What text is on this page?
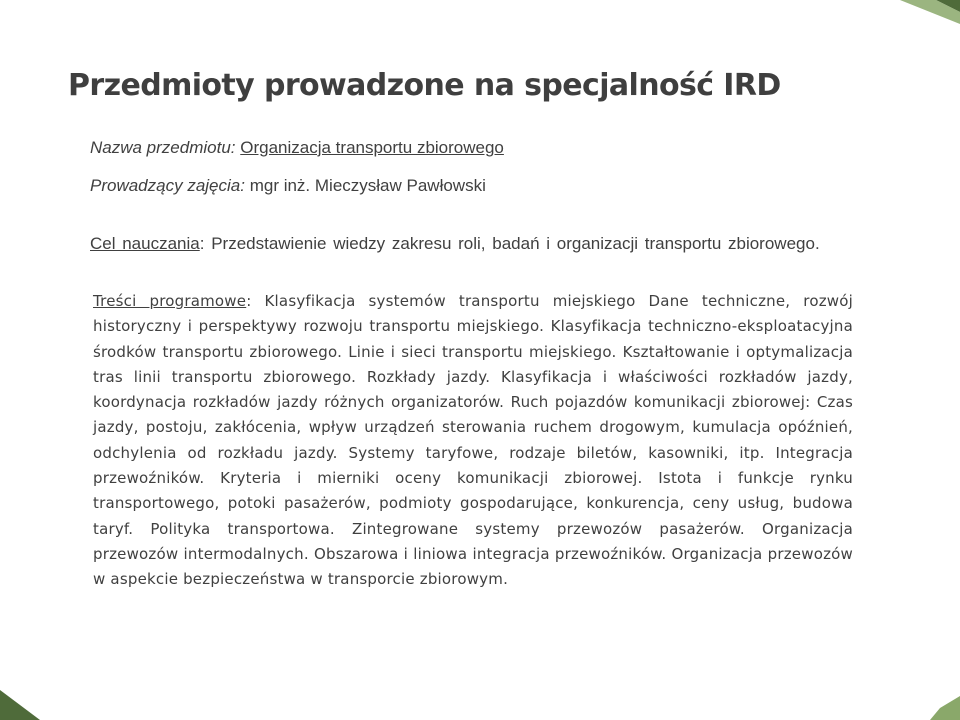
Przedmioty prowadzone na specjalność IRD
Nazwa przedmiotu: Organizacja transportu zbiorowego
Prowadzący zajęcia: mgr inż. Mieczysław Pawłowski

Cel nauczania: Przedstawienie wiedzy zakresu roli, badań i organizacji transportu zbiorowego.

Treści programowe: Klasyfikacja systemów transportu miejskiego Dane techniczne, rozwój historyczny i perspektywy rozwoju transportu miejskiego. Klasyfikacja techniczno-eksploatacyjna środków transportu zbiorowego. Linie i sieci transportu miejskiego. Kształtowanie i optymalizacja tras linii transportu zbiorowego. Rozkłady jazdy. Klasyfikacja i właściwości rozkładów jazdy, koordynacja rozkładów jazdy różnych organizatorów. Ruch pojazdów komunikacji zbiorowej: Czas jazdy, postoju, zakłócenia, wpływ urządzeń sterowania ruchem drogowym, kumulacja opóźnień, odchylenia od rozkładu jazdy. Systemy taryfowe, rodzaje biletów, kasowniki, itp. Integracja przewoźników. Kryteria i mierniki oceny komunikacji zbiorowej. Istota i funkcje rynku transportowego, potoki pasażerów, podmioty gospodarujące, konkurencja, ceny usług, budowa taryf. Polityka transportowa. Zintegrowane systemy przewozów pasażerów. Organizacja przewozów intermodalnych. Obszarowa i liniowa integracja przewoźników. Organizacja przewozów w aspekcie bezpieczeństwa w transporcie zbiorowym.
